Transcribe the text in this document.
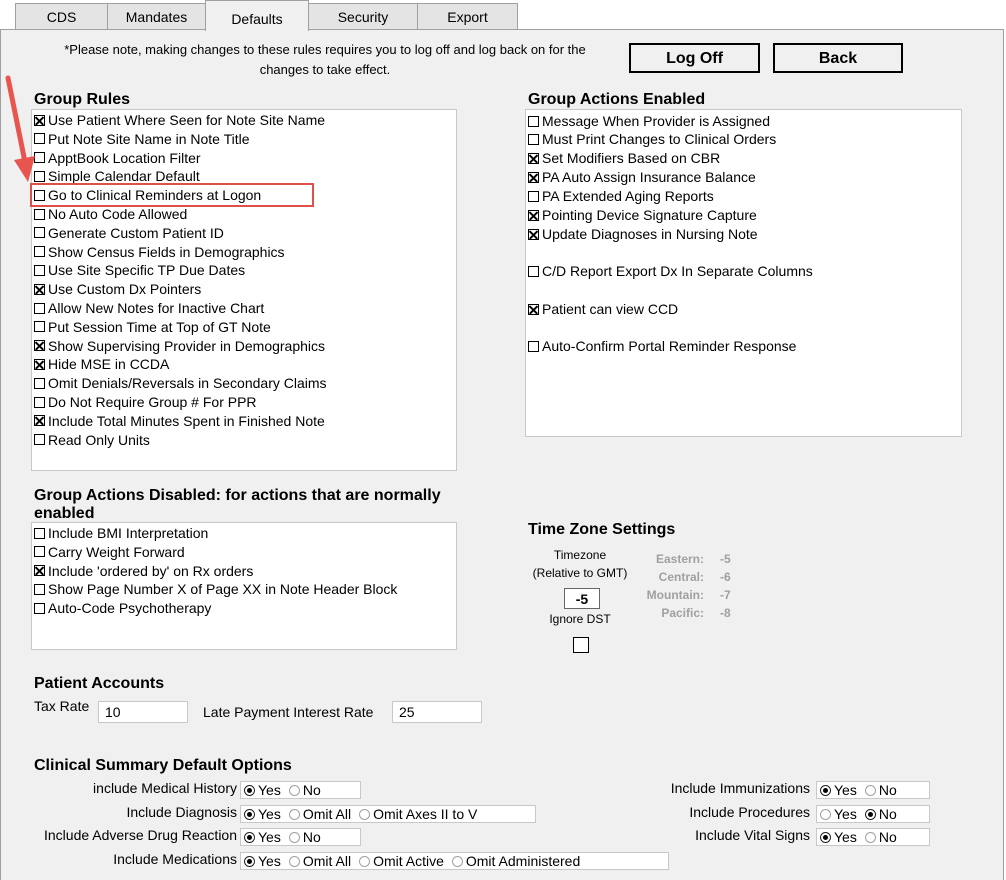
CDS	Mandates	Defaults	Security	Export
*Please note, making changes to these rules requires you to log off and log back on for the changes to take effect.
Log Off	Back
Group Rules
Use Patient Where Seen for Note Site Name
Put Note Site Name in Note Title
ApptBook Location Filter
Simple Calendar Default
Go to Clinical Reminders at Logon
No Auto Code Allowed
Generate Custom Patient ID
Show Census Fields in Demographics
Use Site Specific TP Due Dates
Use Custom Dx Pointers
Allow New Notes for Inactive Chart
Put Session Time at Top of GT Note
Show Supervising Provider in Demographics
Hide MSE in CCDA
Omit Denials/Reversals in Secondary Claims
Do Not Require Group # For PPR
Include Total Minutes Spent in Finished Note
Read Only Units
Group Actions Enabled
Message When Provider is Assigned
Must Print Changes to Clinical Orders
Set Modifiers Based on CBR
PA Auto Assign Insurance Balance
PA Extended Aging Reports
Pointing Device Signature Capture
Update Diagnoses in Nursing Note
C/D Report Export Dx In Separate Columns
Patient can view CCD
Auto-Confirm Portal Reminder Response
Group Actions Disabled: for actions that are normally enabled
Include BMI Interpretation
Carry Weight Forward
Include 'ordered by' on Rx orders
Show Page Number X of Page XX in Note Header Block
Auto-Code Psychotherapy
Time Zone Settings
Timezone
(Relative to GMT)
-5
Ignore DST
Eastern: -5
Central: -6
Mountain: -7
Pacific: -8
Patient Accounts
Tax Rate	10	Late Payment Interest Rate	25
Clinical Summary Default Options
include Medical History Yes No
Include Diagnosis Yes Omit All Omit Axes II to V
Include Adverse Drug Reaction Yes No
Include Medications Yes Omit All Omit Active Omit Administered
Include Immunizations Yes No
Include Procedures Yes No
Include Vital Signs Yes No
